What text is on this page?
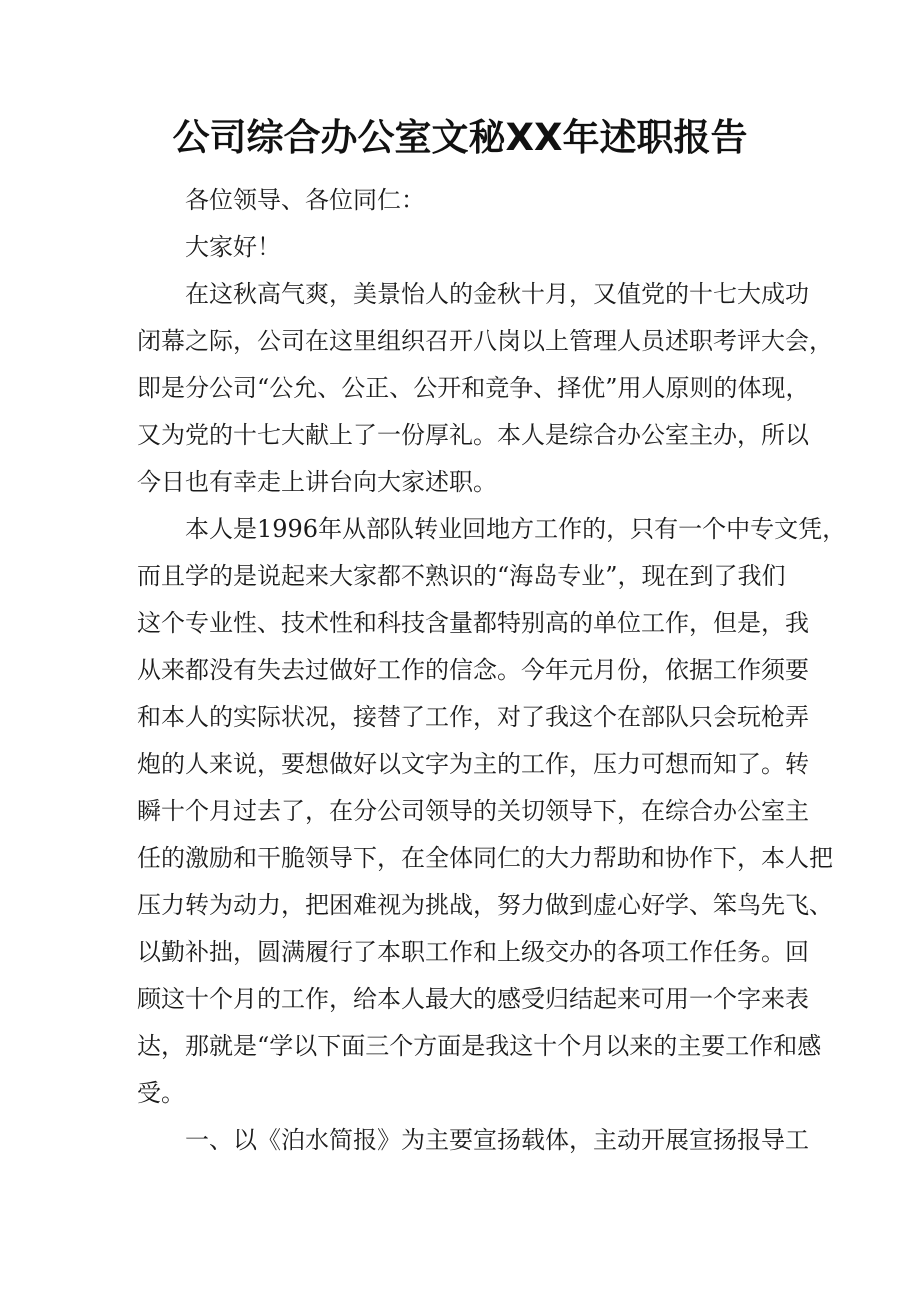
公司综合办公室文秘XX年述职报告

各位领导、各位同仁：

大家好！

在这秋高气爽，美景怡人的金秋十月，又值党的十七大成功
闭幕之际，公司在这里组织召开八岗以上管理人员述职考评大会，
即是分公司“公允、公正、公开和竞争、择优”用人原则的体现，
又为党的十七大献上了一份厚礼。本人是综合办公室主办，所以
今日也有幸走上讲台向大家述职。

本人是1996年从部队转业回地方工作的，只有一个中专文凭，
而且学的是说起来大家都不熟识的“海岛专业”，现在到了我们
这个专业性、技术性和科技含量都特别高的单位工作，但是，我
从来都没有失去过做好工作的信念。今年元月份，依据工作须要
和本人的实际状况，接替了工作，对了我这个在部队只会玩枪弄
炮的人来说，要想做好以文字为主的工作，压力可想而知了。转
瞬十个月过去了，在分公司领导的关切领导下，在综合办公室主
任的激励和干脆领导下，在全体同仁的大力帮助和协作下，本人把
压力转为动力，把困难视为挑战，努力做到虚心好学、笨鸟先飞、
以勤补拙，圆满履行了本职工作和上级交办的各项工作任务。回
顾这十个月的工作，给本人最大的感受归结起来可用一个字来表
达，那就是“学以下面三个方面是我这十个月以来的主要工作和感
受。

一、以《泊水简报》为主要宣扬载体，主动开展宣扬报导工
